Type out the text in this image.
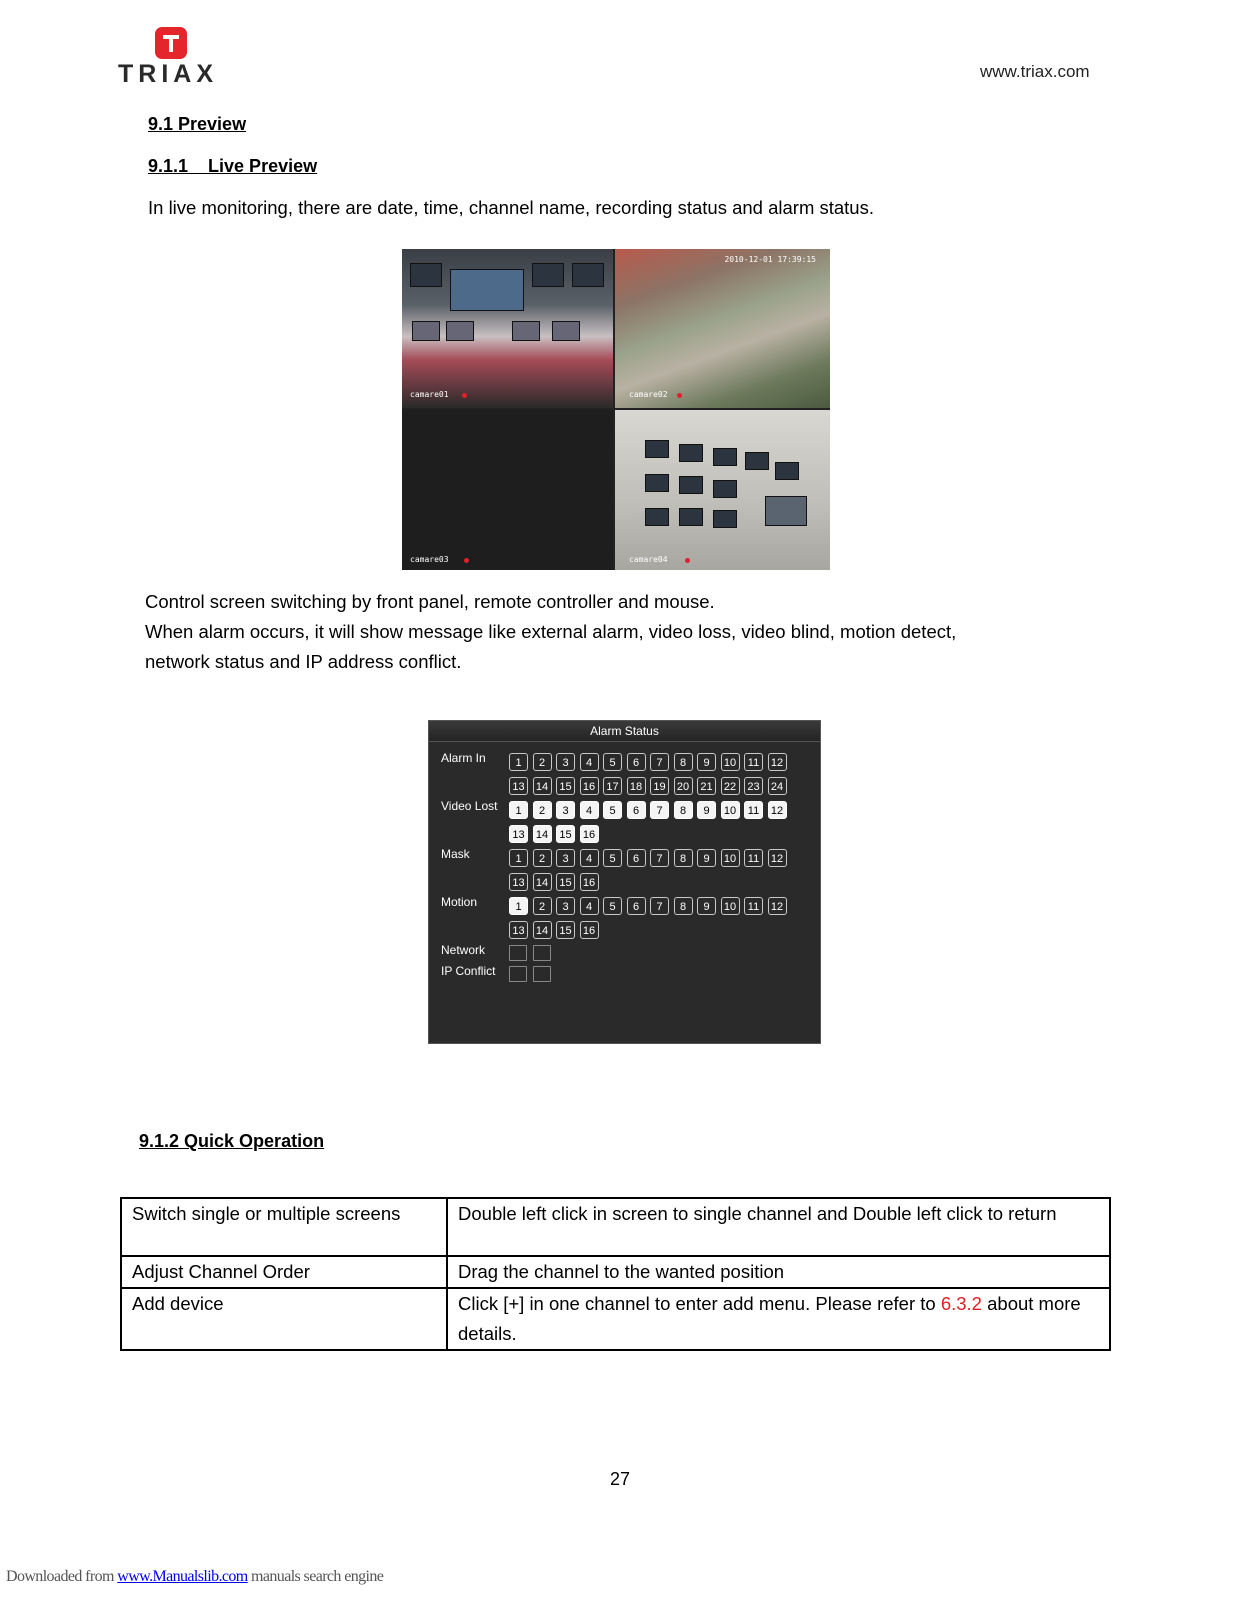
TRIAX	www.triax.com
9.1 Preview
9.1.1    Live Preview
In live monitoring, there are date, time, channel name, recording status and alarm status.
camare01
2010-12-01 17:39:15
camare02
camare03	camare04
Control screen switching by front panel, remote controller and mouse.
When alarm occurs, it will show message like external alarm, video loss, video blind, motion detect,
network status and IP address conflict.
Alarm Status
Alarm In	1	2	3	4	5	6	7	8	9	10	11	12
13	14	15	16	17	18	19	20	21	22	23	24
Video Lost	1	2	3	4	5	6	7	8	9	10	11	12
13	14	15	16
Mask	1	2	3	4	5	6	7	8	9	10	11	12
13	14	15	16
Motion	1	2	3	4	5	6	7	8	9	10	11	12
13	14	15	16
Network
IP Conflict
9.1.2 Quick Operation
Switch single or multiple screens	Double left click in screen to single channel and Double left click to return
Adjust Channel Order	Drag the channel to the wanted position
Add device	Click [+] in one channel to enter add menu. Please refer to 6.3.2 about more details.
27
Downloaded from www.Manualslib.com manuals search engine
